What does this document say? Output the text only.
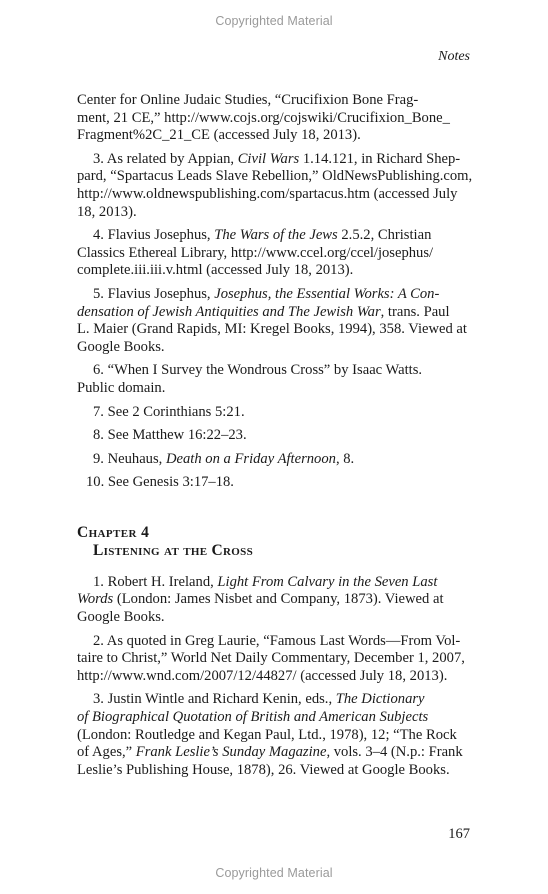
Copyrighted Material
Notes
Center for Online Judaic Studies, “Crucifixion Bone Frag-
ment, 21 CE,” http://www.cojs.org/cojswiki/Crucifixion_Bone_
Fragment%2C_21_CE (accessed July 18, 2013).
3. As related by Appian, Civil Wars 1.14.121, in Richard Shep-
pard, “Spartacus Leads Slave Rebellion,” OldNewsPublishing.com,
http://www.oldnewspublishing.com/spartacus.htm (accessed July
18, 2013).
4. Flavius Josephus, The Wars of the Jews 2.5.2, Christian
Classics Ethereal Library, http://www.ccel.org/ccel/josephus/
complete.iii.iii.v.html (accessed July 18, 2013).
5. Flavius Josephus, Josephus, the Essential Works: A Con-
densation of Jewish Antiquities and The Jewish War, trans. Paul
L. Maier (Grand Rapids, MI: Kregel Books, 1994), 358. Viewed at
Google Books.
6. “When I Survey the Wondrous Cross” by Isaac Watts.
Public domain.
7. See 2 Corinthians 5:21.
8. See Matthew 16:22–23.
9. Neuhaus, Death on a Friday Afternoon, 8.
10. See Genesis 3:17–18.
Chapter 4
Listening at the Cross
1. Robert H. Ireland, Light From Calvary in the Seven Last
Words (London: James Nisbet and Company, 1873). Viewed at
Google Books.
2. As quoted in Greg Laurie, “Famous Last Words—From Vol-
taire to Christ,” World Net Daily Commentary, December 1, 2007,
http://www.wnd.com/2007/12/44827/ (accessed July 18, 2013).
3. Justin Wintle and Richard Kenin, eds., The Dictionary
of Biographical Quotation of British and American Subjects
(London: Routledge and Kegan Paul, Ltd., 1978), 12; “The Rock
of Ages,” Frank Leslie’s Sunday Magazine, vols. 3–4 (N.p.: Frank
Leslie’s Publishing House, 1878), 26. Viewed at Google Books.
167
Copyrighted Material
